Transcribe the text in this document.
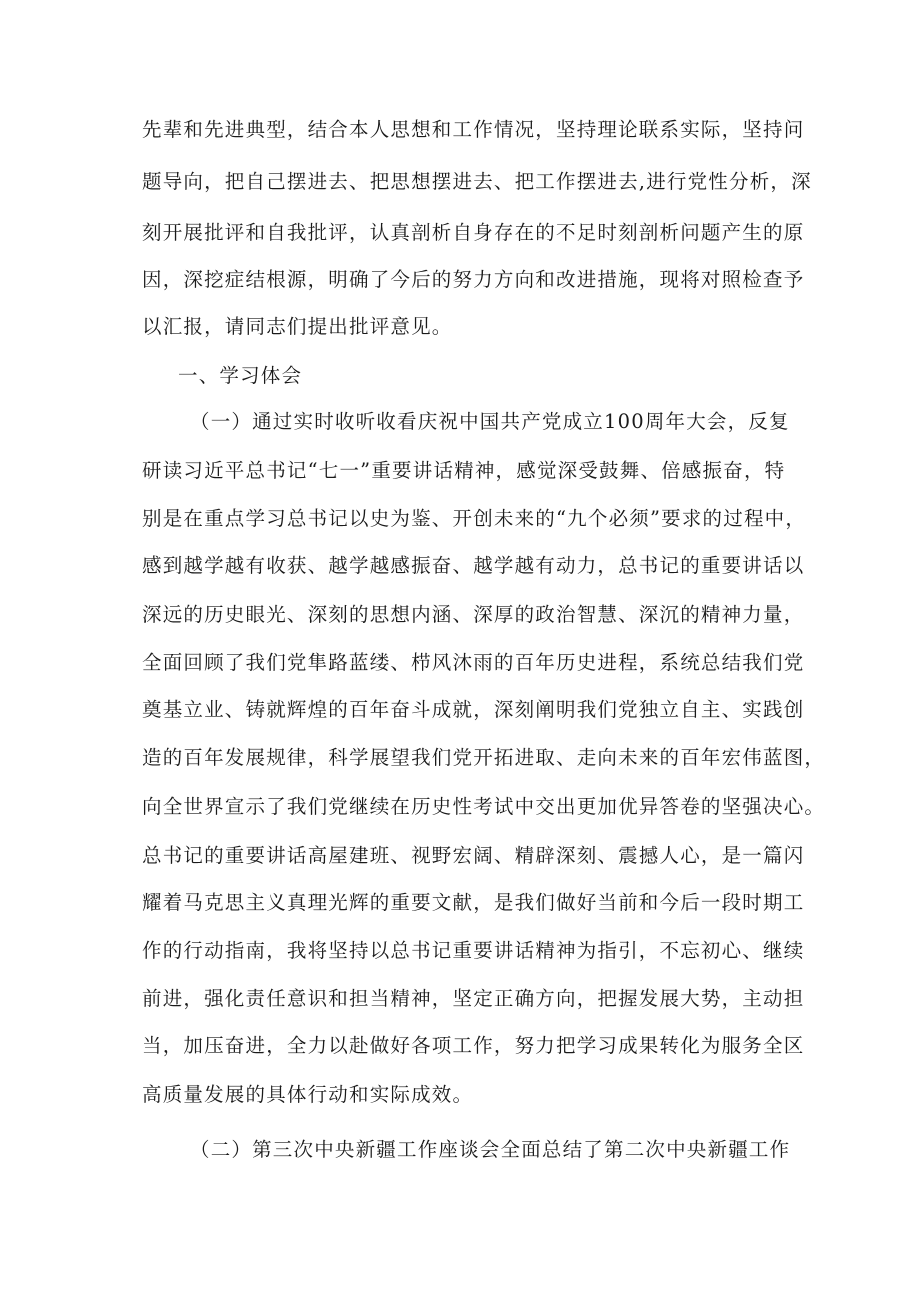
先辈和先进典型，结合本人思想和工作情况，坚持理论联系实际，坚持问
题导向，把自己摆进去、把思想摆进去、把工作摆进去,进行党性分析，深
刻开展批评和自我批评，认真剖析自身存在的不足时刻剖析问题产生的原
因，深挖症结根源，明确了今后的努力方向和改进措施，现将对照检查予
以汇报，请同志们提出批评意见。
一、学习体会
（一）通过实时收听收看庆祝中国共产党成立100周年大会，反复
研读习近平总书记“七一”重要讲话精神，感觉深受鼓舞、倍感振奋，特
别是在重点学习总书记以史为鉴、开创未来的“九个必须”要求的过程中，
感到越学越有收获、越学越感振奋、越学越有动力，总书记的重要讲话以
深远的历史眼光、深刻的思想内涵、深厚的政治智慧、深沉的精神力量，
全面回顾了我们党隼路蓝缕、栉风沐雨的百年历史进程，系统总结我们党
奠基立业、铸就辉煌的百年奋斗成就，深刻阐明我们党独立自主、实践创
造的百年发展规律，科学展望我们党开拓进取、走向未来的百年宏伟蓝图，
向全世界宣示了我们党继续在历史性考试中交出更加优异答卷的坚强决心。
总书记的重要讲话高屋建班、视野宏阔、精辟深刻、震撼人心，是一篇闪
耀着马克思主义真理光辉的重要文献，是我们做好当前和今后一段时期工
作的行动指南，我将坚持以总书记重要讲话精神为指引，不忘初心、继续
前进，强化责任意识和担当精神，坚定正确方向，把握发展大势，主动担
当，加压奋进，全力以赴做好各项工作，努力把学习成果转化为服务全区
高质量发展的具体行动和实际成效。
（二）第三次中央新疆工作座谈会全面总结了第二次中央新疆工作
